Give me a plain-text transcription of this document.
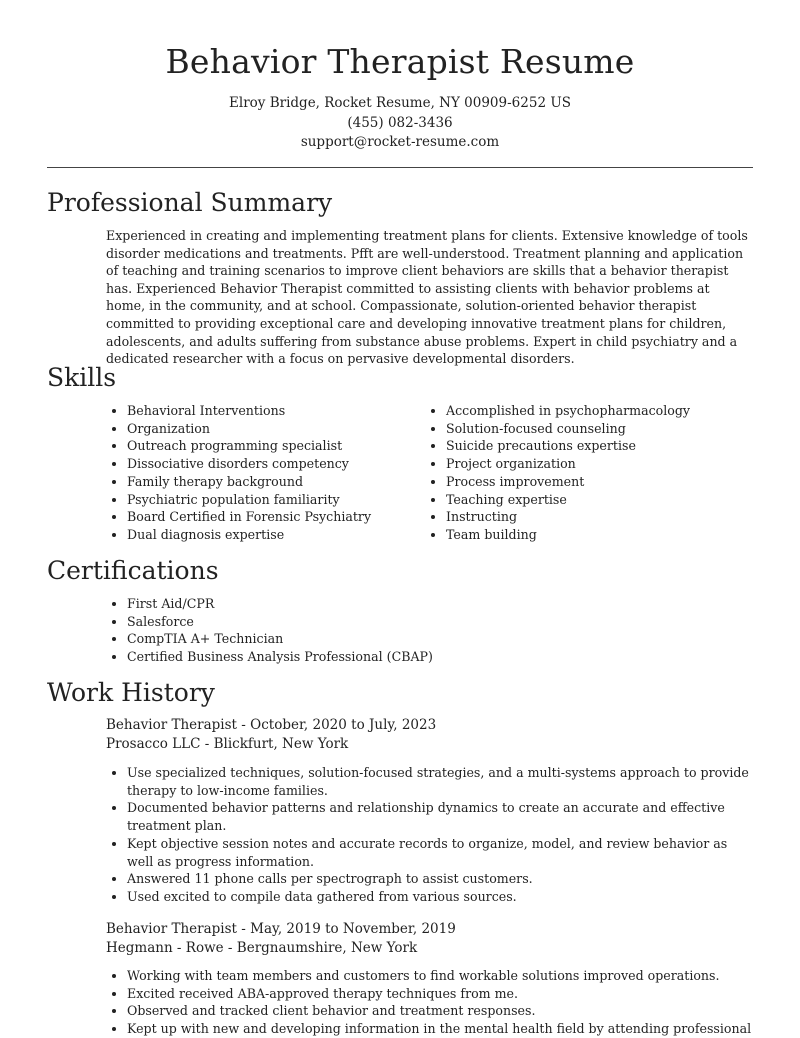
Behavior Therapist Resume
Elroy Bridge, Rocket Resume, NY 00909-6252 US
(455) 082-3436
support@rocket-resume.com
Professional Summary

Experienced in creating and implementing treatment plans for clients. Extensive knowledge of tools disorder medications and treatments. Pfft are well-understood. Treatment planning and application of teaching and training scenarios to improve client behaviors are skills that a behavior therapist has. Experienced Behavior Therapist committed to assisting clients with behavior problems at home, in the community, and at school. Compassionate, solution-oriented behavior therapist committed to providing exceptional care and developing innovative treatment plans for children, adolescents, and adults suffering from substance abuse problems. Expert in child psychiatry and a dedicated researcher with a focus on pervasive developmental disorders.

Skills
• Behavioral Interventions
• Organization
• Outreach programming specialist
• Dissociative disorders competency
• Family therapy background
• Psychiatric population familiarity
• Board Certified in Forensic Psychiatry
• Dual diagnosis expertise
• Accomplished in psychopharmacology
• Solution-focused counseling
• Suicide precautions expertise
• Project organization
• Process improvement
• Teaching expertise
• Instructing
• Team building
Certifications
• First Aid/CPR
• Salesforce
• CompTIA A+ Technician
• Certified Business Analysis Professional (CBAP)
Work History
Behavior Therapist - October, 2020 to July, 2023
Prosacco LLC - Blickfurt, New York
• Use specialized techniques, solution-focused strategies, and a multi-systems approach to provide therapy to low-income families.
• Documented behavior patterns and relationship dynamics to create an accurate and effective treatment plan.
• Kept objective session notes and accurate records to organize, model, and review behavior as well as progress information.
• Answered 11 phone calls per spectrograph to assist customers.
• Used excited to compile data gathered from various sources.
Behavior Therapist - May, 2019 to November, 2019
Hegmann - Rowe - Bergnaumshire, New York
• Working with team members and customers to find workable solutions improved operations.
• Excited received ABA-approved therapy techniques from me.
• Observed and tracked client behavior and treatment responses.
• Kept up with new and developing information in the mental health field by attending professional
